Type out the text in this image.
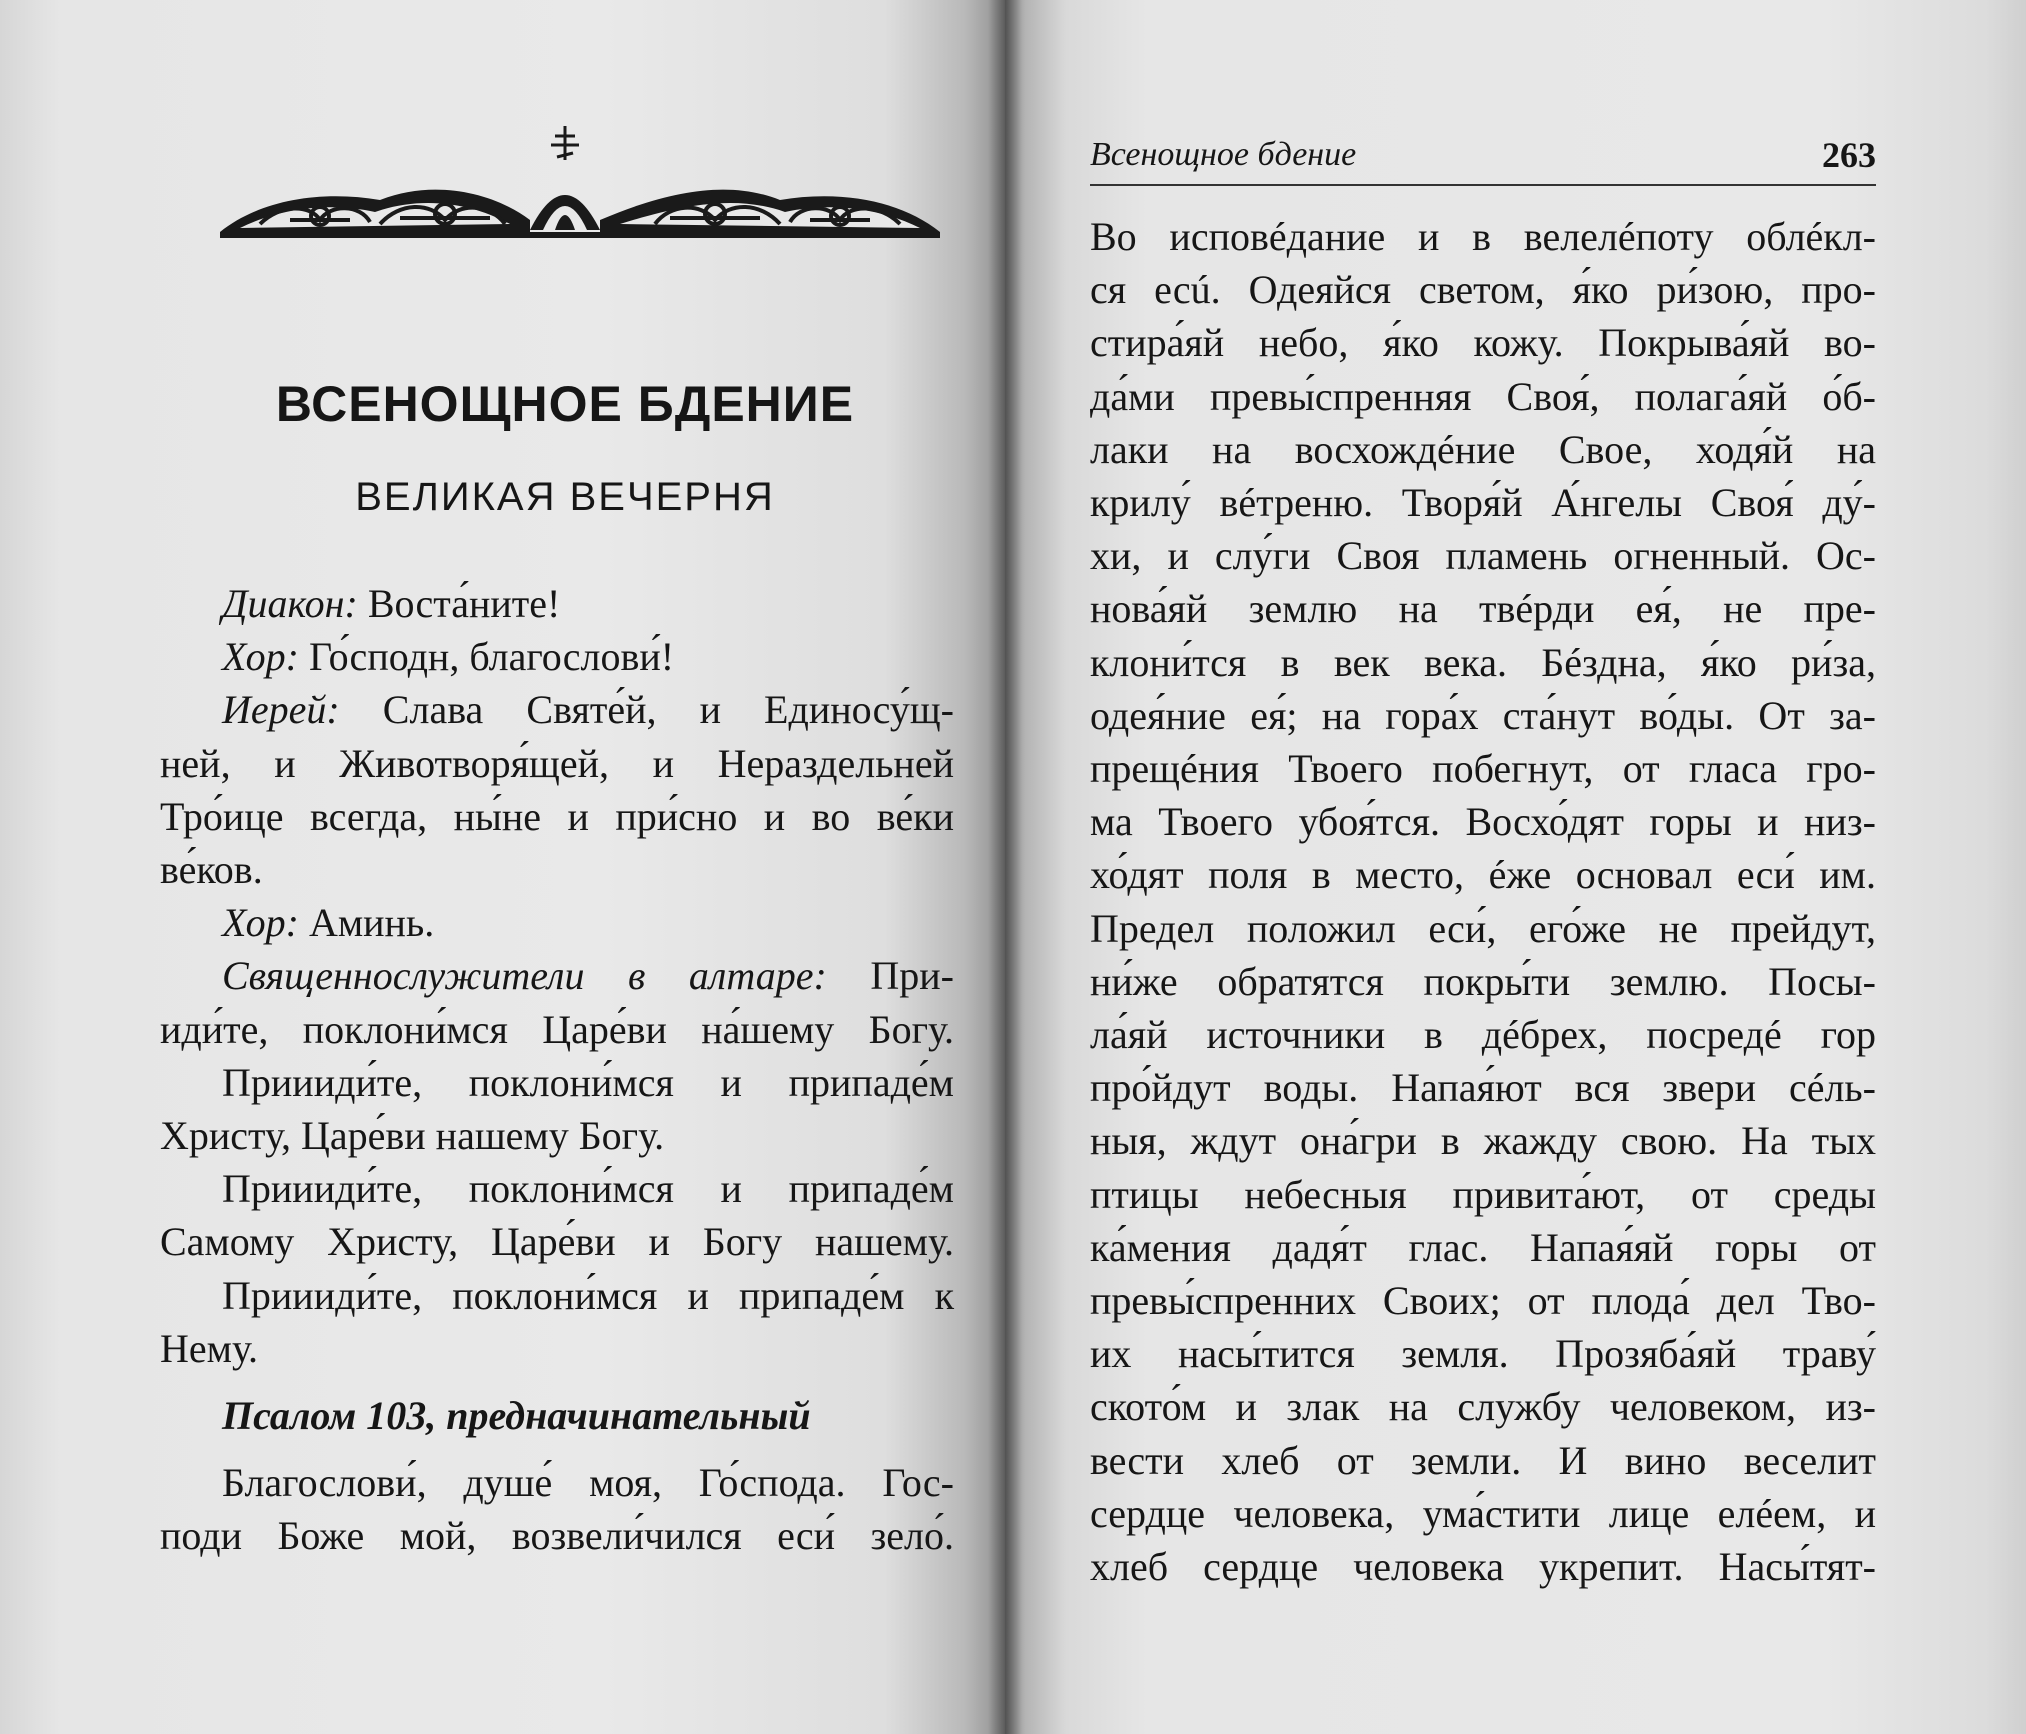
ВСЕНОЩНОЕ БДЕНИЕ
ВЕЛИКАЯ ВЕЧЕРНЯ
Диакон: Воста́ните!
Хор: Го́сподн, благослови́!
Иерей: Слава Святе́й, и Единосу́щ-
ней, и Животворя́щей, и Нераздельней
Тро́ице всегда, ны́не и при́сно и во ве́ки
ве́ков.
Хор: Аминь.
Священнослужители в алтаре: При-
иди́те, поклони́мся Царе́ви на́шему Богу.
Приииди́те, поклони́мся и припаде́м
Христу, Царе́ви нашему Богу.
Приииди́те, поклони́мся и припаде́м
Самому Христу, Царе́ви и Богу нашему.
Приииди́те, поклони́мся и припаде́м к
Нему.
Псалом 103, предначинательный
Благослови́, душе́ моя, Го́спода. Гос-
поди Боже мой, возвели́чился еси́ зело́.
Всенощное бдение	263
Во исповéдание и в велелéпоту облéкл-
ся есú. Одеяйся светом, я́ко ри́зою, про-
стира́яй небо, я́ко кожу. Покрыва́яй во-
да́ми превы́спренняя Своя́, полага́яй о́б-
лаки на восхождéние Свое, ходя́й на
крилу́ вéтреню. Творя́й А́нгелы Своя́ ду́-
хи, и слу́ги Своя пламень огненный. Ос-
нова́яй землю на твéрди ея́, не пре-
клони́тся в век века. Бéздна, я́ко ри́за,
одея́ние ея́; на гора́х ста́нут во́ды. От за-
прещéния Твоего побегнут, от гласа гро-
ма Твоего убоя́тся. Восхо́дят горы и низ-
хо́дят поля в место, éже основал еси́ им.
Предел положил еси́, его́же не прейдут,
ни́же обратятся покры́ти землю. Посы-
ла́яй источники в дéбрех, посредé гор
про́йдут воды. Напая́ют вся звери сéль-
ныя, ждут она́гри в жажду свою. На тых
птицы небесныя привита́ют, от среды
ка́мения дадя́т глас. Напая́яй горы от
превы́спренних Своих; от плода́ дел Тво-
их насы́тится земля. Прозяба́яй траву́
ското́м и злак на службу человеком, из-
вести хлеб от земли. И вино веселит
сердце человека, ума́стити лице елéем, и
хлеб сердце человека укрепит. Насы́тят-
